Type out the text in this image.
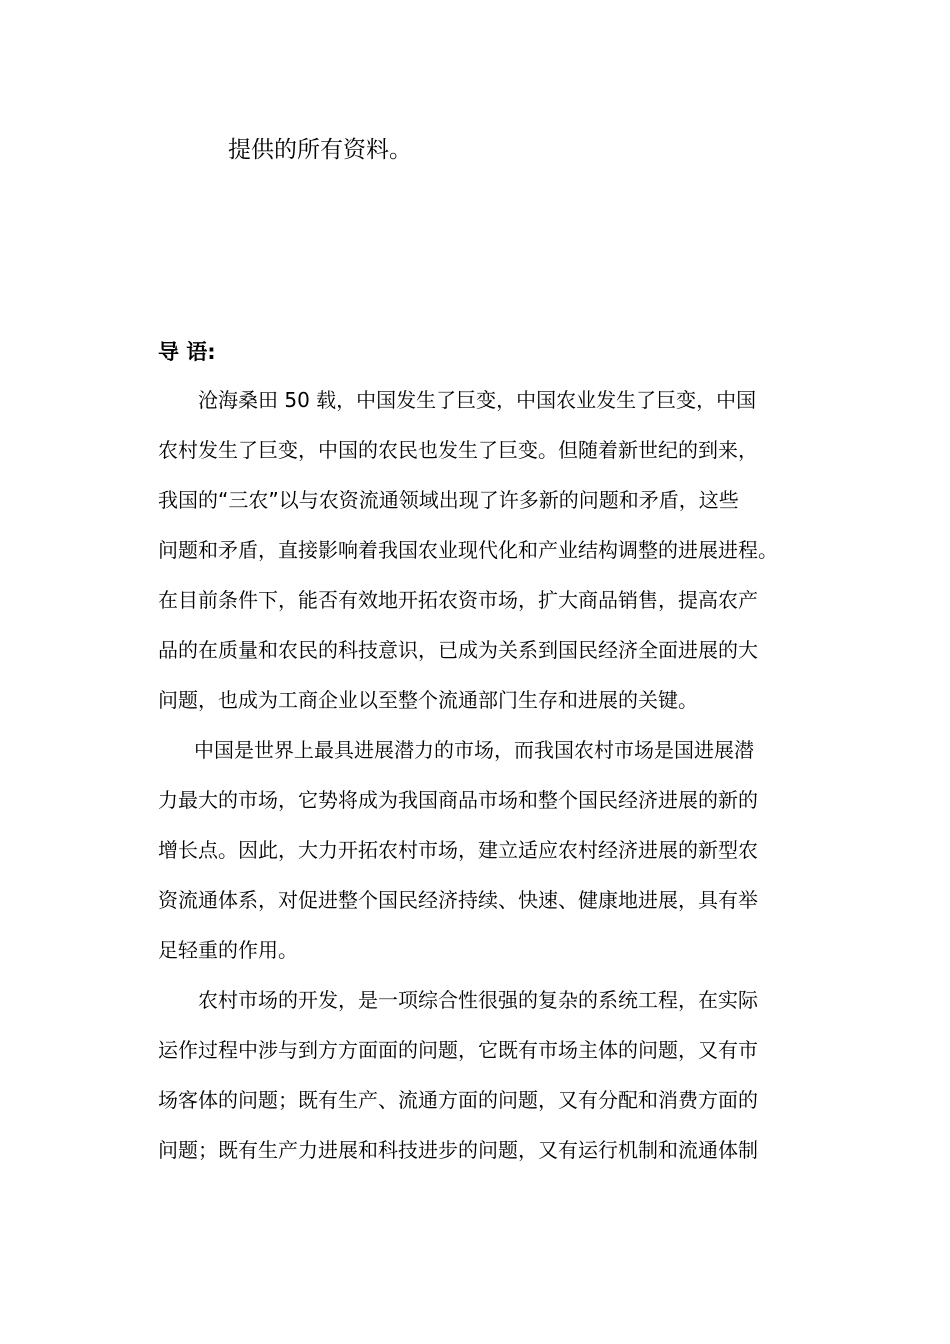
提供的所有资料。
导 语:
沧海桑田 50 载，中国发生了巨变，中国农业发生了巨变，中国
农村发生了巨变，中国的农民也发生了巨变。但随着新世纪的到来，
我国的“三农”以与农资流通领域出现了许多新的问题和矛盾，这些
问题和矛盾，直接影响着我国农业现代化和产业结构调整的进展进程。
在目前条件下，能否有效地开拓农资市场，扩大商品销售，提高农产
品的在质量和农民的科技意识，已成为关系到国民经济全面进展的大
问题，也成为工商企业以至整个流通部门生存和进展的关键。
中国是世界上最具进展潜力的市场，而我国农村市场是国进展潜
力最大的市场，它势将成为我国商品市场和整个国民经济进展的新的
增长点。因此，大力开拓农村市场，建立适应农村经济进展的新型农
资流通体系，对促进整个国民经济持续、快速、健康地进展，具有举
足轻重的作用。
农村市场的开发，是一项综合性很强的复杂的系统工程，在实际
运作过程中涉与到方方面面的问题，它既有市场主体的问题，又有市
场客体的问题；既有生产、流通方面的问题，又有分配和消费方面的
问题；既有生产力进展和科技进步的问题，又有运行机制和流通体制
